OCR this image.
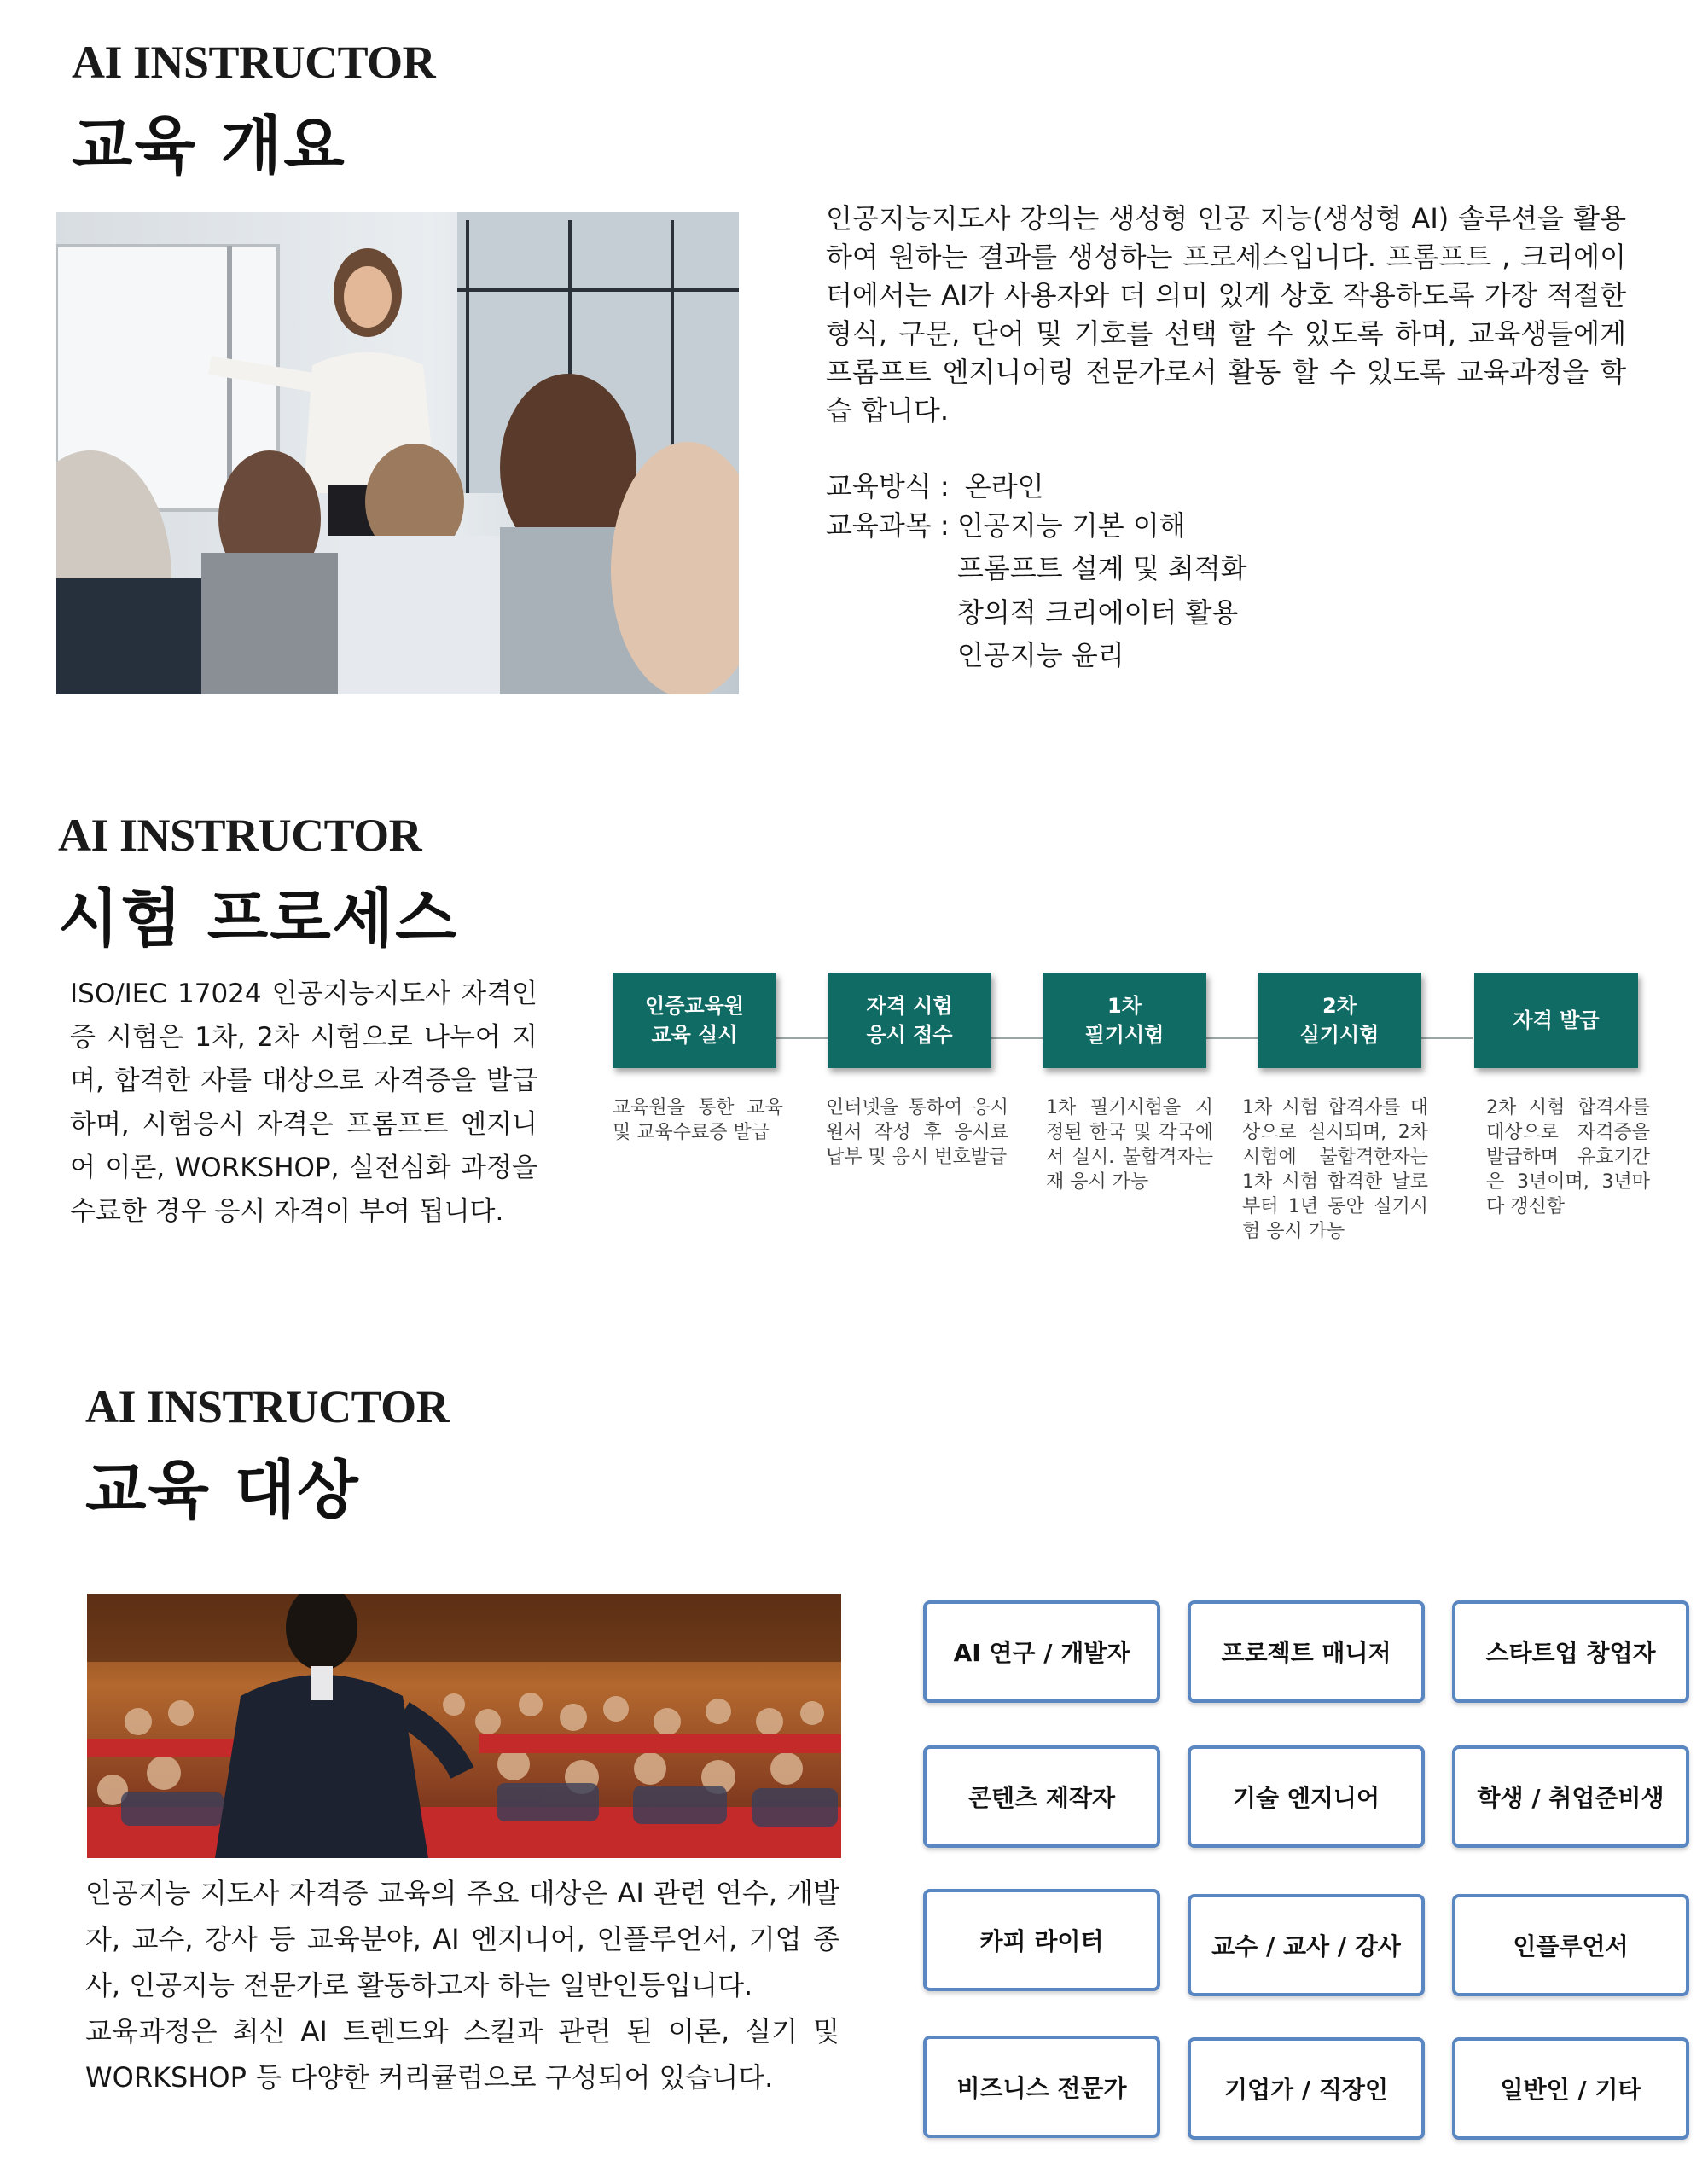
AI INSTRUCTOR
교육 개요
인공지능지도사 강의는 생성형 인공 지능(생성형 AI) 솔루션을 활용하여 원하는 결과를 생성하는 프로세스입니다. 프롬프트 , 크리에이터에서는 AI가 사용자와 더 의미 있게 상호 작용하도록 가장 적절한 형식, 구문, 단어 및 기호를 선택 할 수 있도록 하며, 교육생들에게 프롬프트 엔지니어링 전문가로서 활동 할 수 있도록 교육과정을 학습 합니다.
교육방식 : 온라인
교육과목 : 인공지능 기본 이해
프롬프트 설계 및 최적화
창의적 크리에이터 활용
인공지능 윤리
AI INSTRUCTOR
시험 프로세스
ISO/IEC 17024 인공지능지도사 자격인증 시험은 1차, 2차 시험으로 나누어 지며, 합격한 자를 대상으로 자격증을 발급하며, 시험응시 자격은 프롬프트 엔지니어 이론, WORKSHOP, 실전심화 과정을 수료한 경우 응시 자격이 부여 됩니다.
인증교육원
교육 실시
자격 시험
응시 접수
1차
필기시험
2차
실기시험
자격 발급
교육원을 통한 교육 및 교육수료증 발급
인터넷을 통하여 응시원서 작성 후 응시료 납부 및 응시 번호발급
1차 필기시험을 지정된 한국 및 각국에서 실시. 불합격자는 재 응시 가능
1차 시험 합격자를 대상으로 실시되며, 2차 시험에 불합격한자는 1차 시험 합격한 날로 부터 1년 동안 실기시험 응시 가능
2차 시험 합격자를 대상으로 자격증을 발급하며 유효기간은 3년이며, 3년마다 갱신함
AI INSTRUCTOR
교육 대상
인공지능 지도사 자격증 교육의 주요 대상은 AI 관련 연수, 개발자, 교수, 강사 등 교육분야, AI 엔지니어, 인플루언서, 기업 종사, 인공지능 전문가로 활동하고자 하는 일반인등입니다.
교육과정은 최신 AI 트렌드와 스킬과 관련 된 이론, 실기 및 WORKSHOP 등 다양한 커리큘럼으로 구성되어 있습니다.
AI 연구 / 개발자	프로젝트 매니저	스타트업 창업자
콘텐츠 제작자	기술 엔지니어	학생 / 취업준비생
카피 라이터	교수 / 교사 / 강사	인플루언서
비즈니스 전문가	기업가 / 직장인	일반인 / 기타
